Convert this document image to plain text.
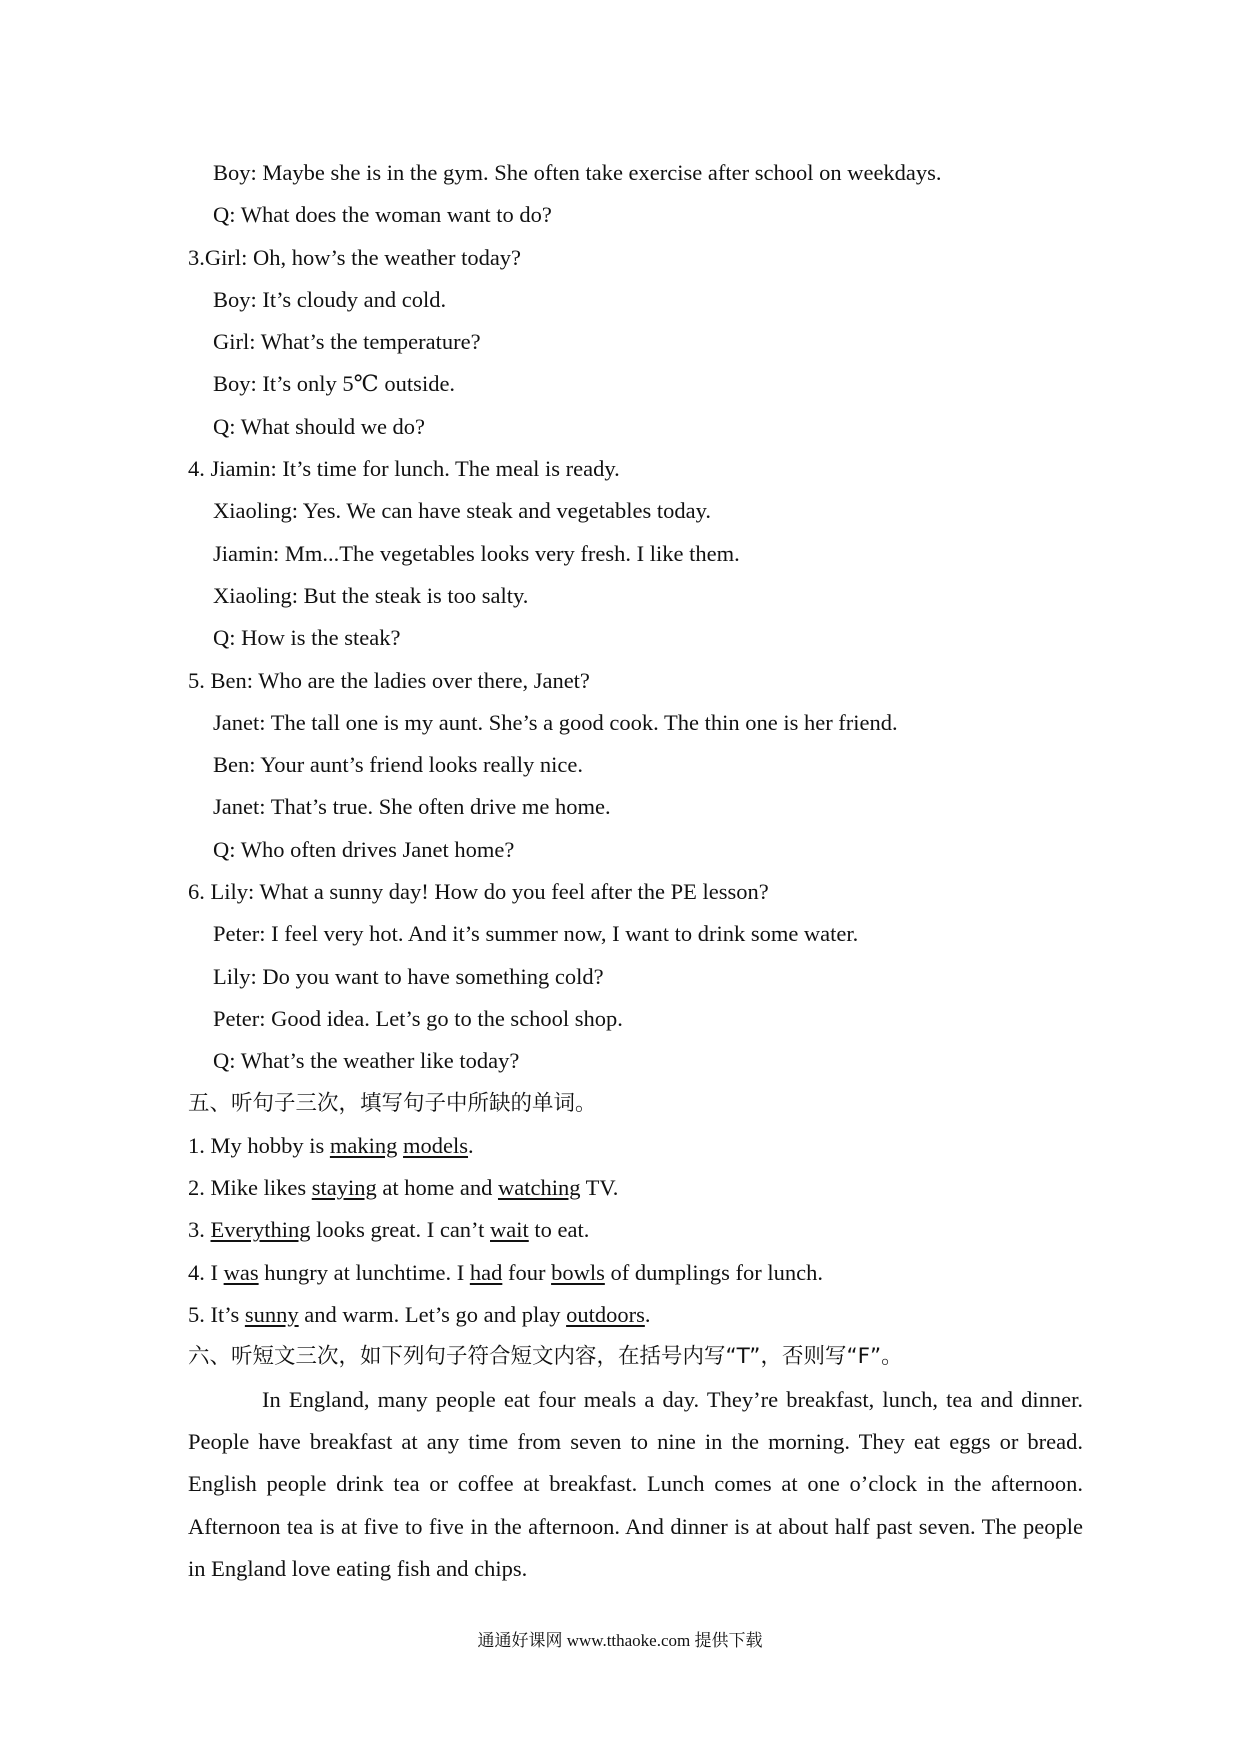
Boy: Maybe she is in the gym. She often take exercise after school on weekdays.
Q: What does the woman want to do?
3.Girl: Oh, how’s the weather today?
Boy: It’s cloudy and cold.
Girl: What’s the temperature?
Boy: It’s only 5℃ outside.
Q: What should we do?
4. Jiamin: It’s time for lunch. The meal is ready.
Xiaoling: Yes. We can have steak and vegetables today.
Jiamin: Mm...The vegetables looks very fresh. I like them.
Xiaoling: But the steak is too salty.
Q: How is the steak?
5. Ben: Who are the ladies over there, Janet?
Janet: The tall one is my aunt. She’s a good cook. The thin one is her friend.
Ben: Your aunt’s friend looks really nice.
Janet: That’s true. She often drive me home.
Q: Who often drives Janet home?
6. Lily: What a sunny day! How do you feel after the PE lesson?
Peter: I feel very hot. And it’s summer now, I want to drink some water.
Lily: Do you want to have something cold?
Peter: Good idea. Let’s go to the school shop.
Q: What’s the weather like today?
五、听句子三次，填写句子中所缺的单词。
1. My hobby is making models.
2. Mike likes staying at home and watching TV.
3. Everything looks great. I can’t wait to eat.
4. I was hungry at lunchtime. I had four bowls of dumplings for lunch.
5. It’s sunny and warm. Let’s go and play outdoors.
六、听短文三次，如下列句子符合短文内容，在括号内写“T”，否则写“F”。
In England, many people eat four meals a day. They’re breakfast, lunch, tea and dinner. People have breakfast at any time from seven to nine in the morning. They eat eggs or bread. English people drink tea or coffee at breakfast. Lunch comes at one o’clock in the afternoon. Afternoon tea is at five to five in the afternoon. And dinner is at about half past seven. The people in England love eating fish and chips.
通通好课网 www.tthaoke.com 提供下载
